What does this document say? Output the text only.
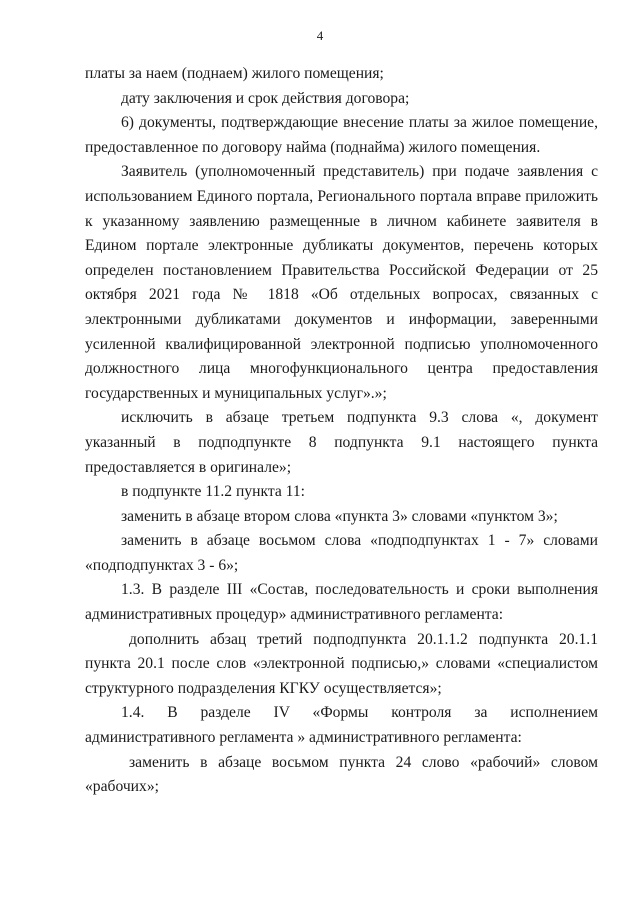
4

платы за наем (поднаем) жилого помещения;

дату заключения и срок действия договора;

6) документы, подтверждающие внесение платы за жилое помещение, предоставленное по договору найма (поднайма) жилого помещения.

Заявитель (уполномоченный представитель) при подаче заявления с использованием Единого портала, Регионального портала вправе приложить к указанному заявлению размещенные в личном кабинете заявителя в Едином портале электронные дубликаты документов, перечень которых определен постановлением Правительства Российской Федерации от 25 октября 2021 года № 1818 «Об отдельных вопросах, связанных с электронными дубликатами документов и информации, заверенными усиленной квалифицированной электронной подписью уполномоченного должностного лица многофункционального центра предоставления государственных и муниципальных услуг».»;

исключить в абзаце третьем подпункта 9.3 слова «, документ указанный в подподпункте 8 подпункта 9.1 настоящего пункта предоставляется в оригинале»;

в подпункте 11.2 пункта 11:

заменить в абзаце втором слова «пункта 3» словами «пунктом 3»;

заменить в абзаце восьмом слова «подподпунктах 1 - 7» словами «подподпунктах 3 - 6»;

1.3. В разделе III «Состав, последовательность и сроки выполнения административных процедур» административного регламента:

дополнить абзац третий подподпункта 20.1.1.2 подпункта 20.1.1 пункта 20.1 после слов «электронной подписью,» словами «специалистом структурного подразделения КГКУ осуществляется»;

1.4. В разделе IV «Формы контроля за исполнением административного регламента » административного регламента:

заменить в абзаце восьмом пункта 24 слово «рабочий» словом «рабочих»;
